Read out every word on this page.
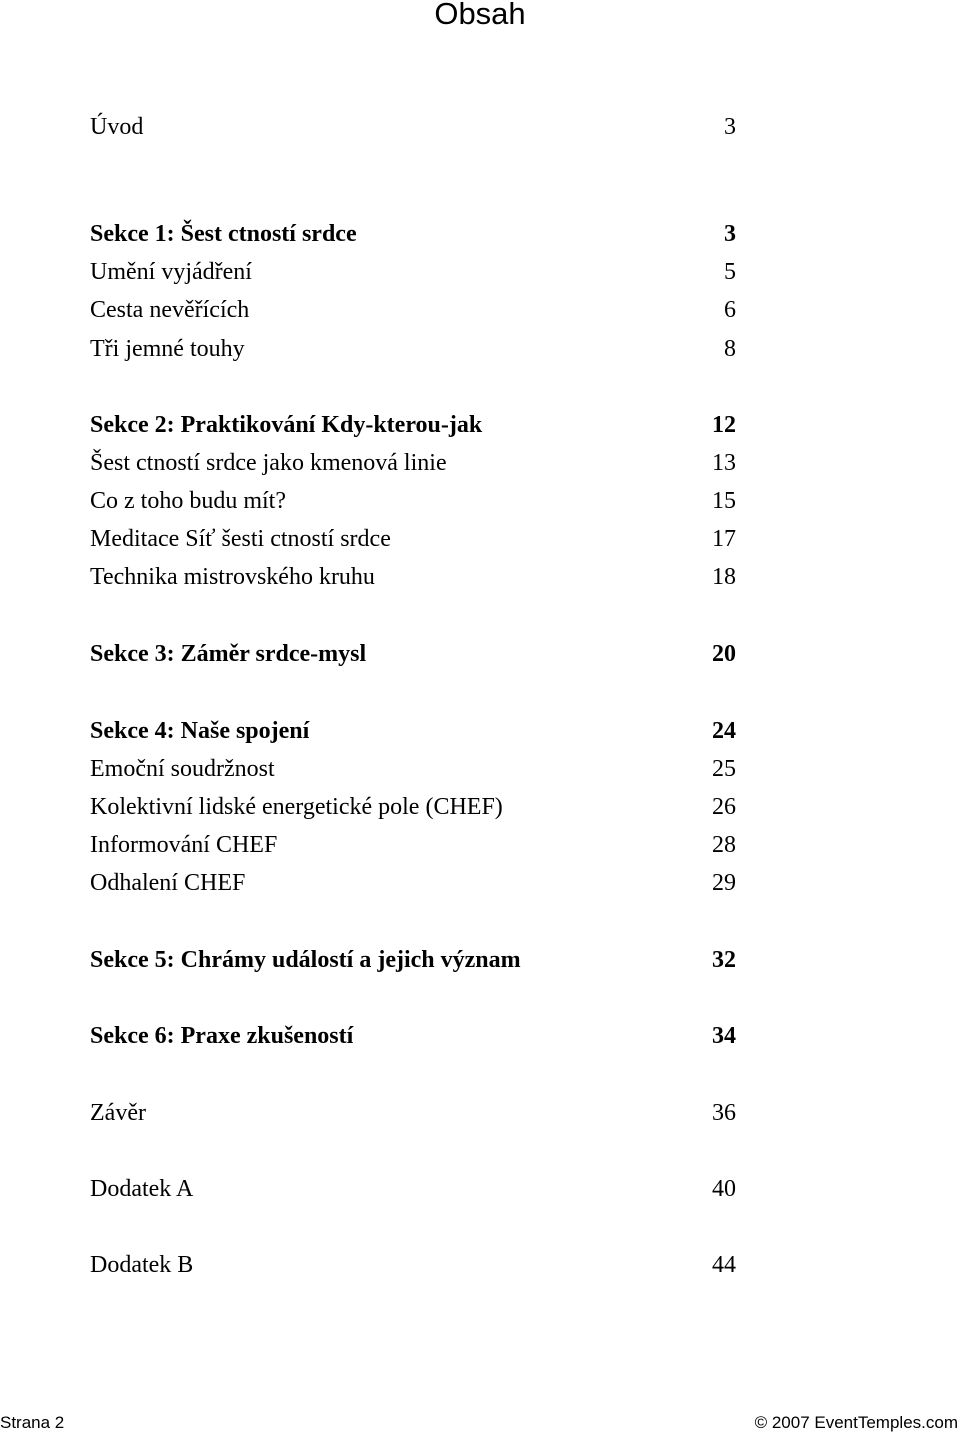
Obsah
Úvod	3
Sekce 1: Šest ctností srdce	3
Umění vyjádření	5
Cesta nevěřících	6
Tři jemné touhy	8
Sekce 2: Praktikování Kdy-kterou-jak	12
Šest ctností srdce jako kmenová linie	13
Co z toho budu mít?	15
Meditace Síť šesti ctností srdce	17
Technika mistrovského kruhu	18
Sekce 3: Záměr srdce-mysl	20
Sekce 4: Naše spojení	24
Emoční soudržnost	25
Kolektivní lidské energetické pole (CHEF)	26
Informování CHEF	28
Odhalení CHEF	29
Sekce 5: Chrámy událostí a jejich význam	32
Sekce 6: Praxe zkušeností	34
Závěr	36
Dodatek A	40
Dodatek B	44
Strana 2	© 2007 EventTemples.com
